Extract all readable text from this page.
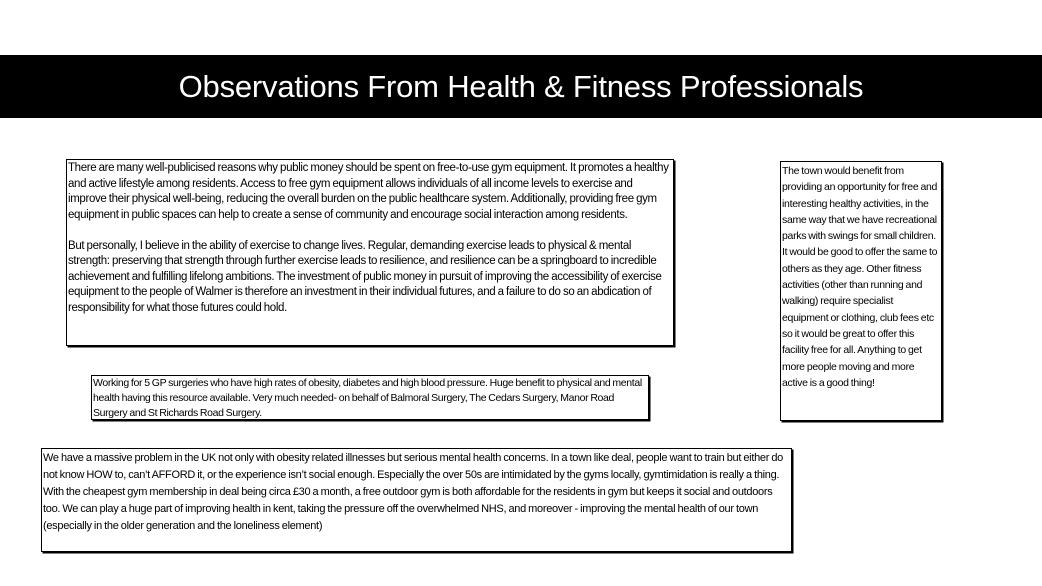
Observations From Health & Fitness Professionals

There are many well-publicised reasons why public money should be spent on free-to-use gym equipment. It promotes a healthy and active lifestyle among residents. Access to free gym equipment allows individuals of all income levels to exercise and improve their physical well-being, reducing the overall burden on the public healthcare system. Additionally, providing free gym equipment in public spaces can help to create a sense of community and encourage social interaction among residents.

But personally, I believe in the ability of exercise to change lives. Regular, demanding exercise leads to physical & mental strength: preserving that strength through further exercise leads to resilience, and resilience can be a springboard to incredible achievement and fulfilling lifelong ambitions. The investment of public money in pursuit of improving the accessibility of exercise equipment to the people of Walmer is therefore an investment in their individual futures, and a failure to do so an abdication of responsibility for what those futures could hold.

The town would benefit from providing an opportunity for free and interesting healthy activities, in the same way that we have recreational parks with swings for small children. It would be good to offer the same to others as they age. Other fitness activities (other than running and walking) require specialist equipment or clothing, club fees etc so it would be great to offer this facility free for all. Anything to get more people moving and more active is a good thing!

Working for 5 GP surgeries who have high rates of obesity, diabetes and high blood pressure. Huge benefit to physical and mental health having this resource available. Very much needed- on behalf of Balmoral Surgery, The Cedars Surgery, Manor Road Surgery and St Richards Road Surgery.

We have a massive problem in the UK not only with obesity related illnesses but serious mental health concerns. In a town like deal, people want to train but either do not know HOW to, can’t AFFORD it, or the experience isn’t social enough. Especially the over 50s are intimidated by the gyms locally, gymtimidation is really a thing. With the cheapest gym membership in deal being circa £30 a month, a free outdoor gym is both affordable for the residents in gym but keeps it social and outdoors too. We can play a huge part of improving health in kent, taking the pressure off the overwhelmed NHS, and moreover - improving the mental health of our town (especially in the older generation and the loneliness element)
